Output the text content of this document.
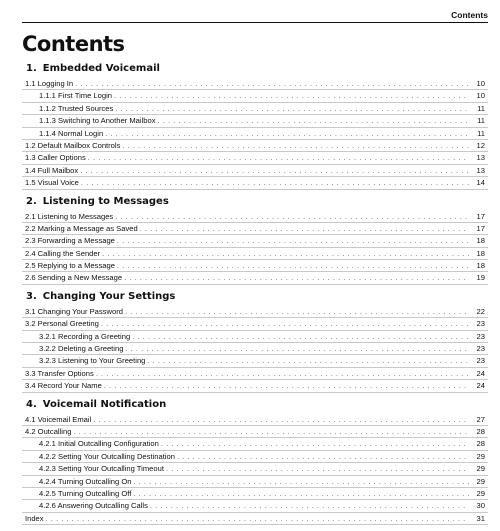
Contents
Contents
1. Embedded Voicemail
1.1 Logging In . . .	10
1.1.1 First Time Login . . .	10
1.1.2 Trusted Sources . . .	11
1.1.3 Switching to Another Mailbox . . .	11
1.1.4 Normal Login . . .	11
1.2 Default Mailbox Controls . . .	12
1.3 Caller Options . . .	13
1.4 Full Mailbox . . .	13
1.5 Visual Voice . . .	14
2. Listening to Messages
2.1 Listening to Messages . . .	17
2.2 Marking a Message as Saved . . .	17
2.3 Forwarding a Message . . .	18
2.4 Calling the Sender . . .	18
2.5 Replying to a Message . . .	18
2.6 Sending a New Message . . .	19
3. Changing Your Settings
3.1 Changing Your Password . . .	22
3.2 Personal Greeting . . .	23
3.2.1 Recording a Greeting . . .	23
3.2.2 Deleting a Greeting . . .	23
3.2.3 Listening to Your Greeting . . .	23
3.3 Transfer Options . . .	24
3.4 Record Your Name . . .	24
4. Voicemail Notification
4.1 Voicemail Email . . .	27
4.2 Outcalling . . .	28
4.2.1 Initial Outcalling Configuration . . .	28
4.2.2 Setting Your Outcalling Destination . . .	29
4.2.3 Setting Your Outcalling Timeout . . .	29
4.2.4 Turning Outcalling On . . .	29
4.2.5 Turning Outcalling Off . . .	29
4.2.6 Answering Outcalling Calls . . .	30
Index . . .	31
